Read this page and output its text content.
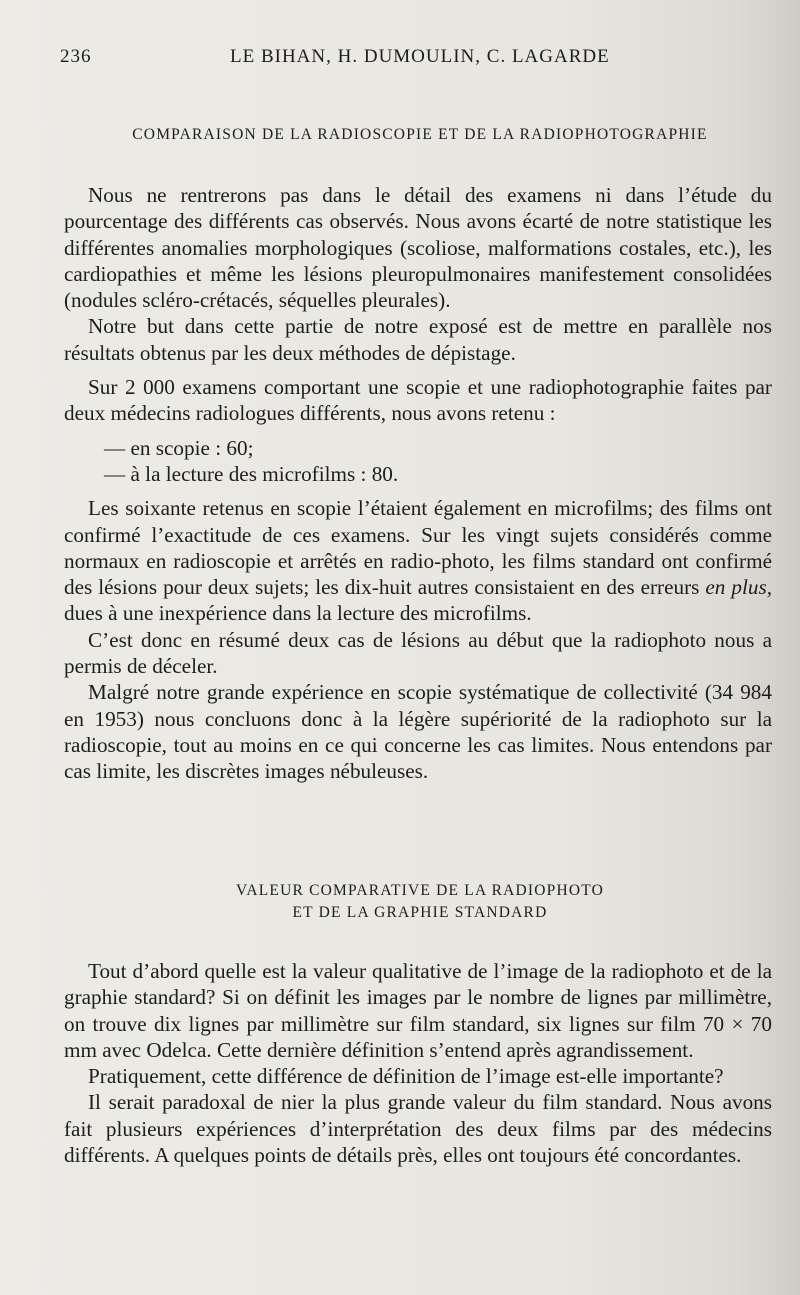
236	LE BIHAN, H. DUMOULIN, C. LAGARDE
COMPARAISON DE LA RADIOSCOPIE ET DE LA RADIOPHOTOGRAPHIE

Nous ne rentrerons pas dans le détail des examens ni dans l’étude du pourcentage des différents cas observés. Nous avons écarté de notre statistique les différentes anomalies morphologiques (scoliose, malformations costales, etc.), les cardiopathies et même les lésions pleuropulmonaires manifestement consolidées (nodules scléro-crétacés, séquelles pleurales).

Notre but dans cette partie de notre exposé est de mettre en parallèle nos résultats obtenus par les deux méthodes de dépistage.

Sur 2 000 examens comportant une scopie et une radiophotographie faites par deux médecins radiologues différents, nous avons retenu :

— en scopie : 60;

— à la lecture des microfilms : 80.

Les soixante retenus en scopie l’étaient également en microfilms; des films ont confirmé l’exactitude de ces examens. Sur les vingt sujets considérés comme normaux en radioscopie et arrêtés en radio-photo, les films standard ont confirmé des lésions pour deux sujets; les dix-huit autres consistaient en des erreurs en plus, dues à une inexpérience dans la lecture des microfilms.

C’est donc en résumé deux cas de lésions au début que la radiophoto nous a permis de déceler.

Malgré notre grande expérience en scopie systématique de collectivité (34 984 en 1953) nous concluons donc à la légère supériorité de la radiophoto sur la radioscopie, tout au moins en ce qui concerne les cas limites. Nous entendons par cas limite, les discrètes images nébuleuses.

VALEUR COMPARATIVE DE LA RADIOPHOTO
ET DE LA GRAPHIE STANDARD

Tout d’abord quelle est la valeur qualitative de l’image de la radiophoto et de la graphie standard? Si on définit les images par le nombre de lignes par millimètre, on trouve dix lignes par millimètre sur film standard, six lignes sur film 70 × 70 mm avec Odelca. Cette dernière définition s’entend après agrandissement.

Pratiquement, cette différence de définition de l’image est-elle importante?

Il serait paradoxal de nier la plus grande valeur du film standard. Nous avons fait plusieurs expériences d’interprétation des deux films par des médecins différents. A quelques points de détails près, elles ont toujours été concordantes.
